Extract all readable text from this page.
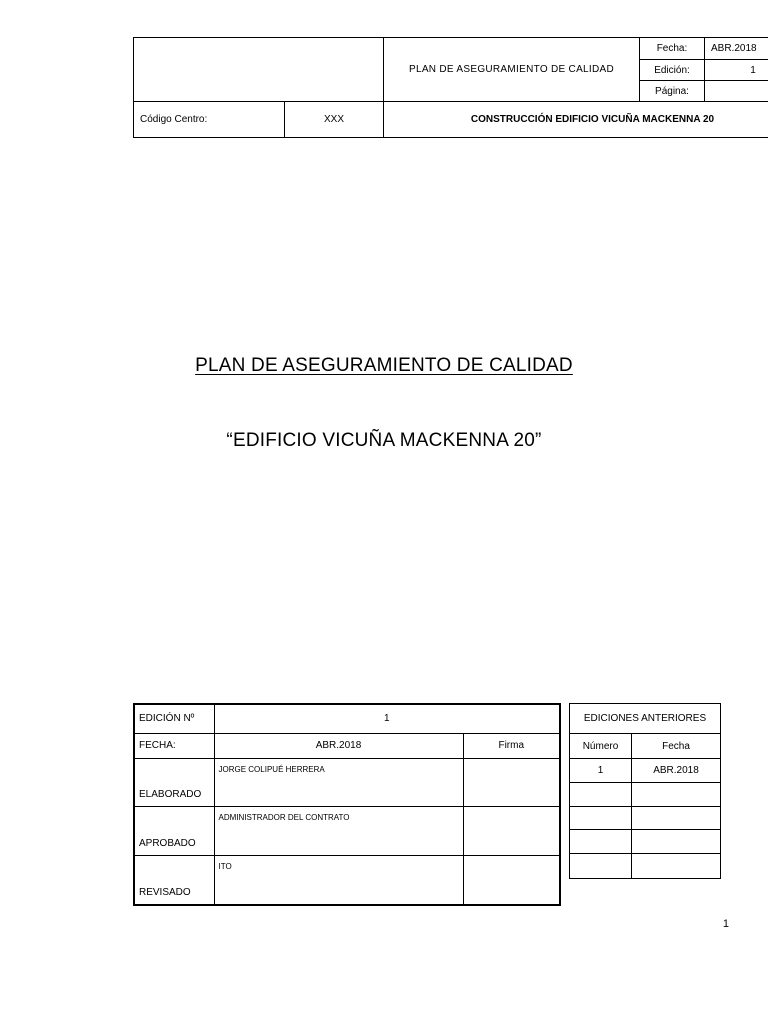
		PLAN DE ASEGURAMIENTO DE CALIDAD	Fecha:	ABR.2018
			Edición:	1
			Página:	
Código Centro:	XXX	CONSTRUCCIÓN EDIFICIO VICUÑA MACKENNA 20		
PLAN DE ASEGURAMIENTO DE CALIDAD
“EDIFICIO VICUÑA MACKENNA 20”
EDICIÓN Nº	1	
FECHA:	ABR.2018	Firma
ELABORADO	JORGE COLIPUÉ HERRERA	
APROBADO	ADMINISTRADOR DEL CONTRATO	
REVISADO	ITO	
EDICIONES ANTERIORES	
Número	Fecha
1	ABR.2018

1
